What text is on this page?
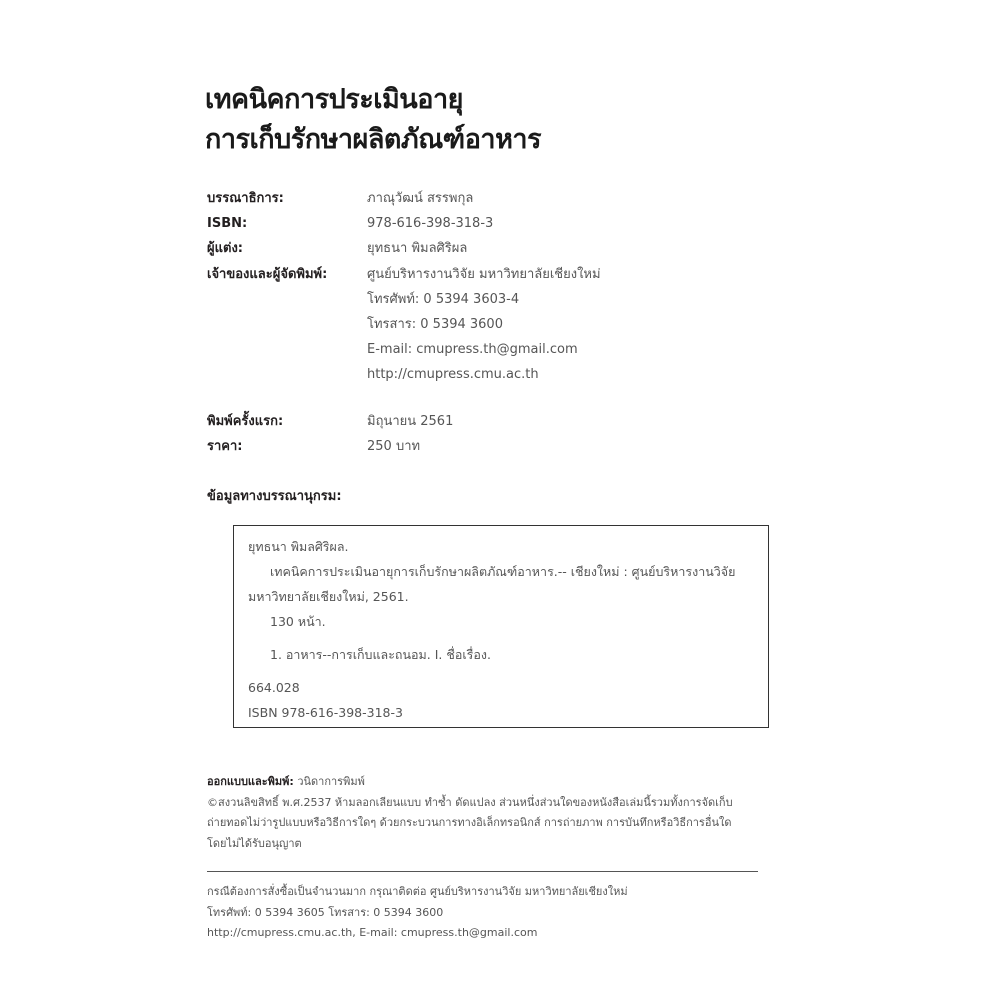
เทคนิคการประเมินอายุ
การเก็บรักษาผลิตภัณฑ์อาหาร
บรรณาธิการ:	ภาณุวัฒน์ สรรพกุล
ISBN:	978-616-398-318-3
ผู้แต่ง:	ยุทธนา พิมลศิริผล
เจ้าของและผู้จัดพิมพ์:	ศูนย์บริหารงานวิจัย มหาวิทยาลัยเชียงใหม่
โทรศัพท์: 0 5394 3603-4
โทรสาร: 0 5394 3600
E-mail: cmupress.th@gmail.com
http://cmupress.cmu.ac.th
พิมพ์ครั้งแรก:	มิถุนายน 2561
ราคา:	250 บาท
ข้อมูลทางบรรณานุกรม:
ยุทธนา พิมลศิริผล.
เทคนิคการประเมินอายุการเก็บรักษาผลิตภัณฑ์อาหาร.-- เชียงใหม่ : ศูนย์บริหารงานวิจัย
มหาวิทยาลัยเชียงใหม่, 2561.
130 หน้า.
1. อาหาร--การเก็บและถนอม. I. ชื่อเรื่อง.
664.028
ISBN 978-616-398-318-3
ออกแบบและพิมพ์: วนิดาการพิมพ์
©สงวนลิขสิทธิ์ พ.ศ.2537 ห้ามลอกเลียนแบบ ทำซ้ำ ดัดแปลง ส่วนหนึ่งส่วนใดของหนังสือเล่มนี้รวมทั้งการจัดเก็บ
ถ่ายทอดไม่ว่ารูปแบบหรือวิธีการใดๆ ด้วยกระบวนการทางอิเล็กทรอนิกส์ การถ่ายภาพ การบันทึกหรือวิธีการอื่นใด
โดยไม่ได้รับอนุญาต
กรณีต้องการสั่งซื้อเป็นจำนวนมาก กรุณาติดต่อ ศูนย์บริหารงานวิจัย มหาวิทยาลัยเชียงใหม่
โทรศัพท์: 0 5394 3605 โทรสาร: 0 5394 3600
http://cmupress.cmu.ac.th, E-mail: cmupress.th@gmail.com
